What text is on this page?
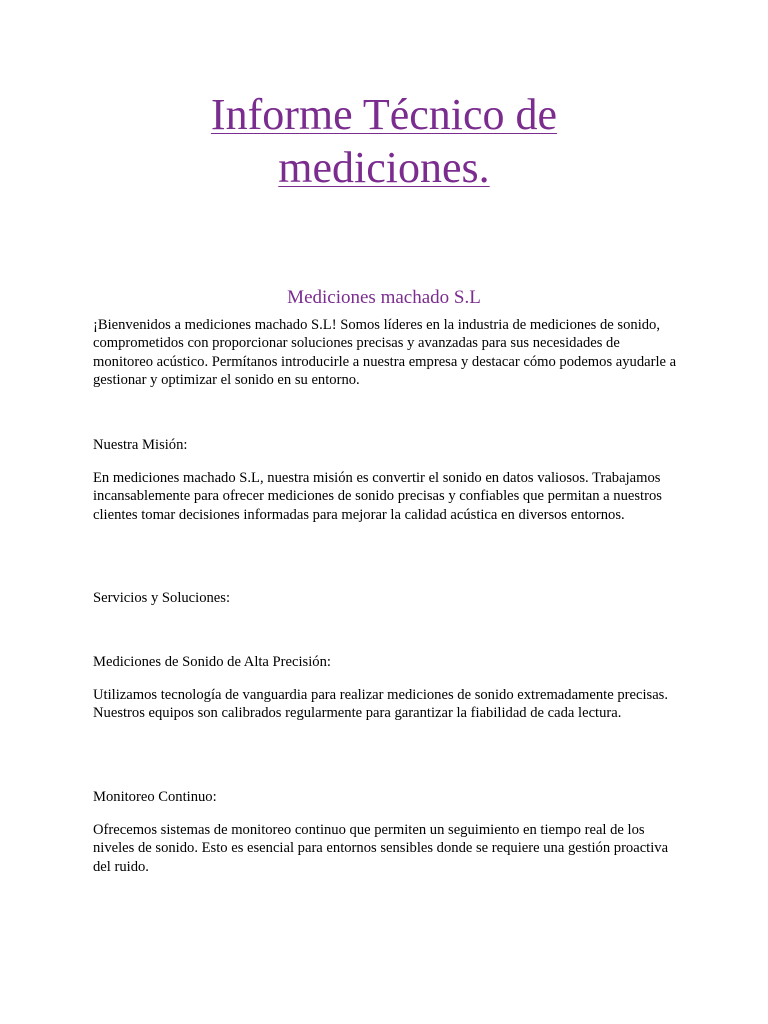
Informe Técnico de
mediciones.
Mediciones machado S.L

¡Bienvenidos a mediciones machado S.L! Somos líderes en la industria de mediciones de sonido, comprometidos con proporcionar soluciones precisas y avanzadas para sus necesidades de monitoreo acústico. Permítanos introducirle a nuestra empresa y destacar cómo podemos ayudarle a gestionar y optimizar el sonido en su entorno.

Nuestra Misión:

En mediciones machado S.L, nuestra misión es convertir el sonido en datos valiosos. Trabajamos incansablemente para ofrecer mediciones de sonido precisas y confiables que permitan a nuestros clientes tomar decisiones informadas para mejorar la calidad acústica en diversos entornos.

Servicios y Soluciones:

Mediciones de Sonido de Alta Precisión:

Utilizamos tecnología de vanguardia para realizar mediciones de sonido extremadamente precisas. Nuestros equipos son calibrados regularmente para garantizar la fiabilidad de cada lectura.

Monitoreo Continuo:

Ofrecemos sistemas de monitoreo continuo que permiten un seguimiento en tiempo real de los niveles de sonido. Esto es esencial para entornos sensibles donde se requiere una gestión proactiva del ruido.
